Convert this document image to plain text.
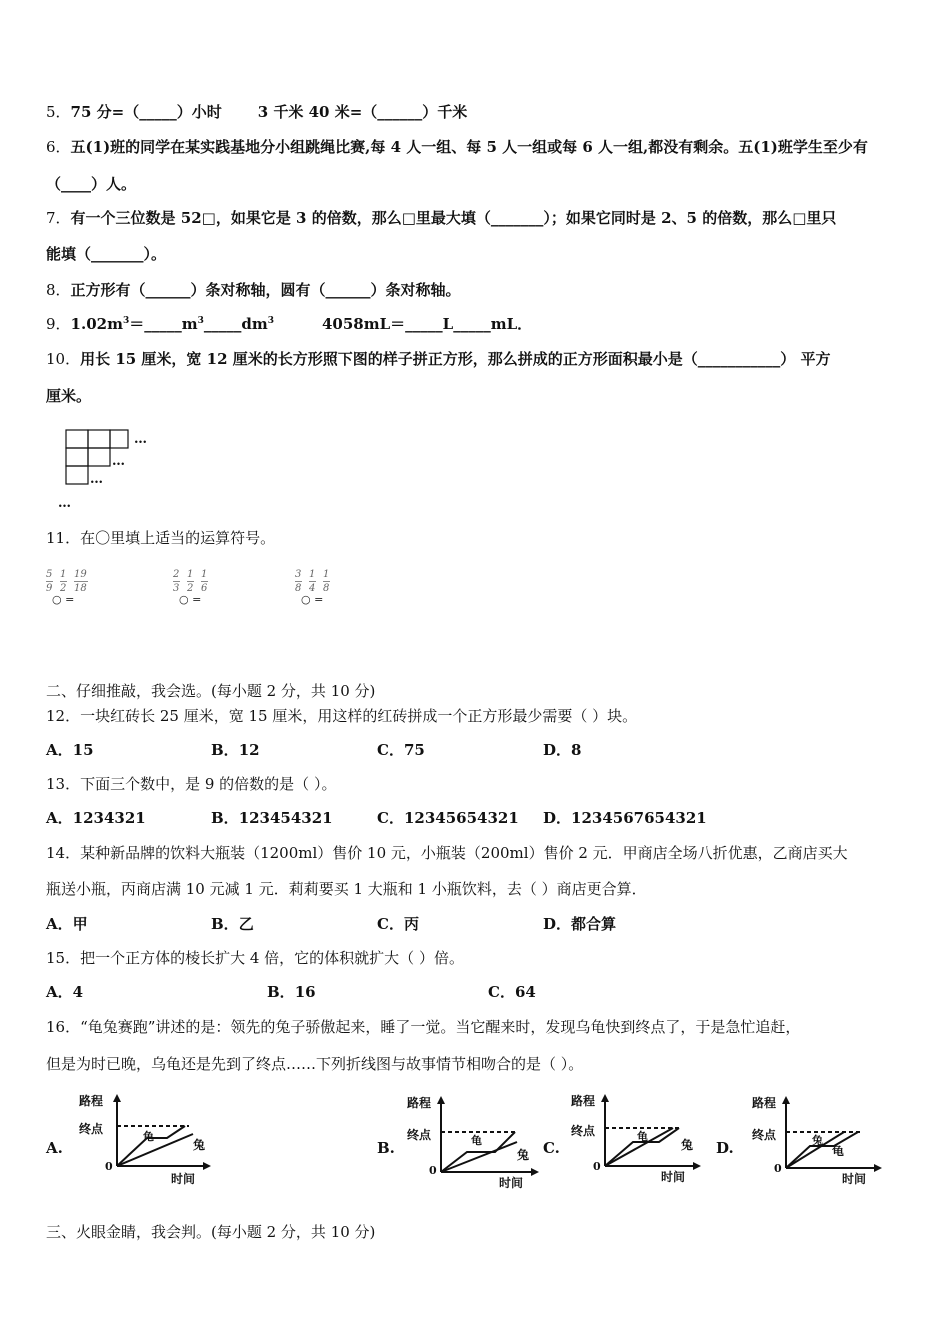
5．75 分=（_____）小时 3 千米 40 米=（______）千米
6．五(1)班的同学在某实践基地分小组跳绳比赛,每 4 人一组、每 5 人一组或每 6 人一组,都没有剩余。五(1)班学生至少有
（____）人。
7．有一个三位数是 52□，如果它是 3 的倍数，那么□里最大填（_______）；如果它同时是 2、5 的倍数，那么□里只
能填（_______）。
8．正方形有（______）条对称轴，圆有（______）条对称轴。
9．$1.02m^3=\_\_\_\_\_m^3\_\_\_\_\_dm^3$	4058mL＝_____L_____mL．
10．用长 15 厘米，宽 12 厘米的长方形照下图的样子拼正方形，那么拼成的正方形面积最小是（___________） 平方
厘米。
…
…
…
…
11．在〇里填上适当的运算符号。
5 1 19
9 2 18
○ =
2 1 1
3 2 6
○ =
3 1 1
8 4 8
○ =
二、仔细推敲，我会选。(每小题 2 分，共 10 分)
12．一块红砖长 25 厘米，宽 15 厘米，用这样的红砖拼成一个正方形最少需要（ ）块。
A．15	B．12	C．75	D．8
13．下面三个数中，是 9 的倍数的是（ ）。
A．1234321	B．123454321	C．12345654321 D．1234567654321
14．某种新品牌的饮料大瓶装（1200ml）售价 10 元，小瓶装（200ml）售价 2 元．甲商店全场八折优惠，乙商店买大
瓶送小瓶，丙商店满 10 元减 1 元．莉莉要买 1 大瓶和 1 小瓶饮料，去（ ）商店更合算．
A．甲	B．乙	C．丙	D．都合算
15．把一个正方体的棱长扩大 4 倍，它的体积就扩大（ ）倍。
A．4	B．16	C．64
16．“龟兔赛跑”讲述的是：领先的兔子骄傲起来，睡了一觉。当它醒来时，发现乌龟快到终点了，于是急忙追赶，
但是为时已晚，乌龟还是先到了终点……下列折线图与故事情节相吻合的是（ ）。
A.
路程
终点
0
时间
龟
兔	B.
路程
终点
0
时间
龟
兔 C.
路程
终点
0
时间
龟
兔 D.
路程
终点
0
时间
兔
龟
三、火眼金睛，我会判。(每小题 2 分，共 10 分)
